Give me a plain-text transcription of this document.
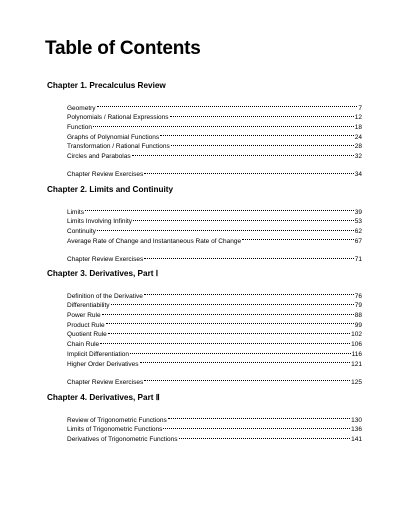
Table of Contents
Chapter 1. Precalculus Review
Geometry	7
Polynomials / Rational Expressions	12
Function	18
Graphs of Polynomial Functions	24
Transformation / Rational Functions	28
Circles and Parabolas	32
Chapter Review Exercises	34
Chapter 2. Limits and Continuity
Limits	39
Limits Involving Infinity	53
Continuity	62
Average Rate of Change and Instantaneous Rate of Change	67
Chapter Review Exercises	71
Chapter 3. Derivatives, Part Ⅰ
Definition of the Derivative	76
Differentiability	79
Power Rule	88
Product Rule	99
Quotient Rule	102
Chain Rule	106
Implicit Differentiation	116
Higher Order Derivatives	121
Chapter Review Exercises	125
Chapter 4. Derivatives, Part Ⅱ
Review of Trigonometric Functions	130
Limits of Trigonometric Functions	136
Derivatives of Trigonometric Functions	141
